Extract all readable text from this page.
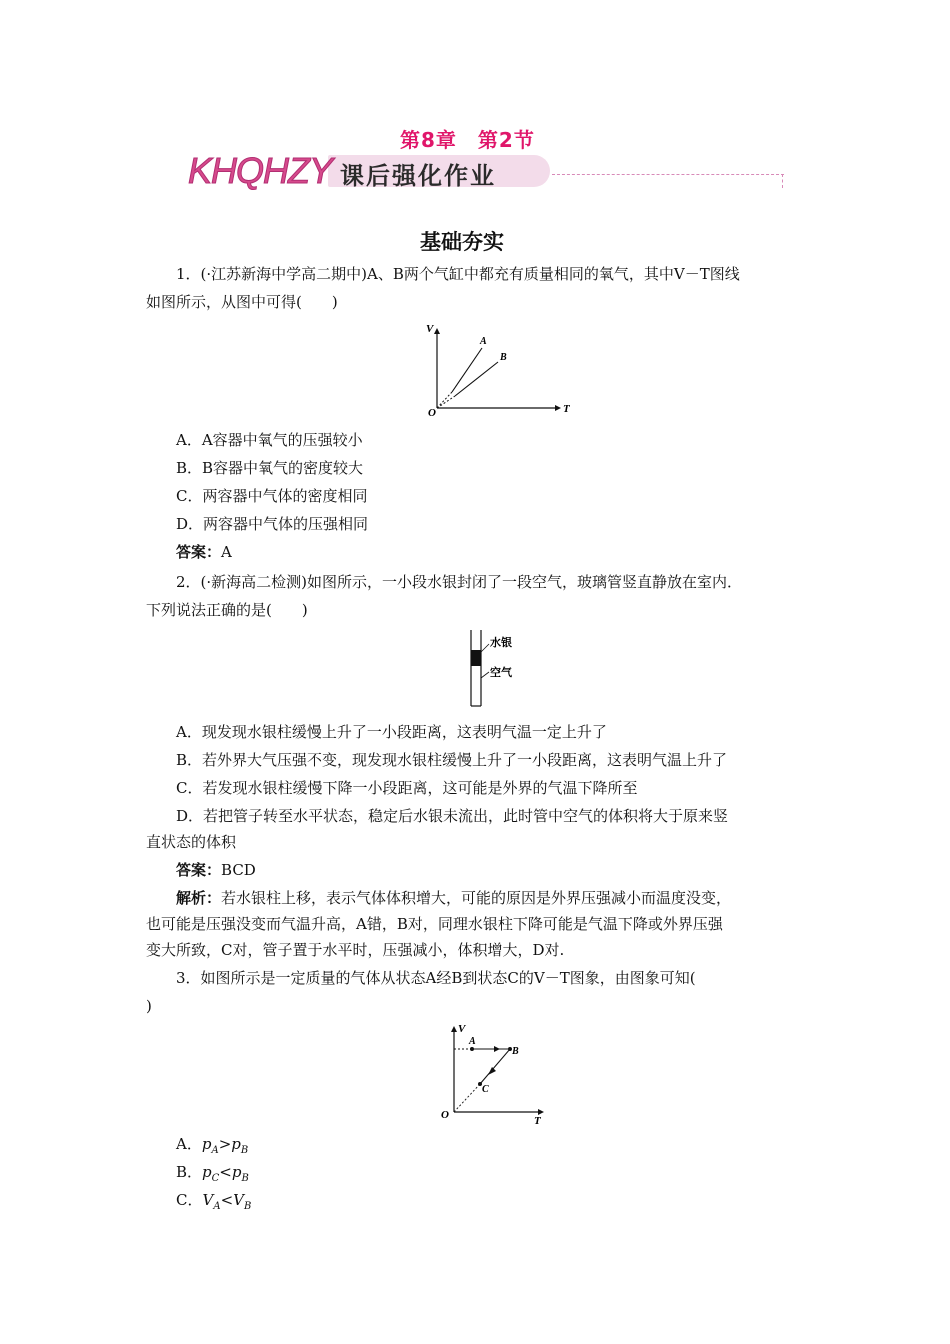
第8章　第2节
KHQHZY 课后强化作业
基础夯实
1．(·江苏新海中学高二期中)A、B两个气缸中都充有质量相同的氧气，其中V－T图线
如图所示，从图中可得(　　)
V
T
O
A
B
A．A容器中氧气的压强较小
B．B容器中氧气的密度较大
C．两容器中气体的密度相同
D．两容器中气体的压强相同
答案：A
2．(·新海高二检测)如图所示，一小段水银封闭了一段空气，玻璃管竖直静放在室内．
下列说法正确的是(　　)
水银
空气
A．现发现水银柱缓慢上升了一小段距离，这表明气温一定上升了
B．若外界大气压强不变，现发现水银柱缓慢上升了一小段距离，这表明气温上升了
C．若发现水银柱缓慢下降一小段距离，这可能是外界的气温下降所至
D．若把管子转至水平状态，稳定后水银未流出，此时管中空气的体积将大于原来竖
直状态的体积
答案：BCD
解析：若水银柱上移，表示气体体积增大，可能的原因是外界压强减小而温度没变，
也可能是压强没变而气温升高，A错，B对，同理水银柱下降可能是气温下降或外界压强
变大所致，C对，管子置于水平时，压强减小，体积增大，D对.
3．如图所示是一定质量的气体从状态A经B到状态C的V－T图象，由图象可知(
)
V
T
O
A
B
C
A．$p_A>p_B$
B．$p_C<p_B$
C．$V_A<V_B$
